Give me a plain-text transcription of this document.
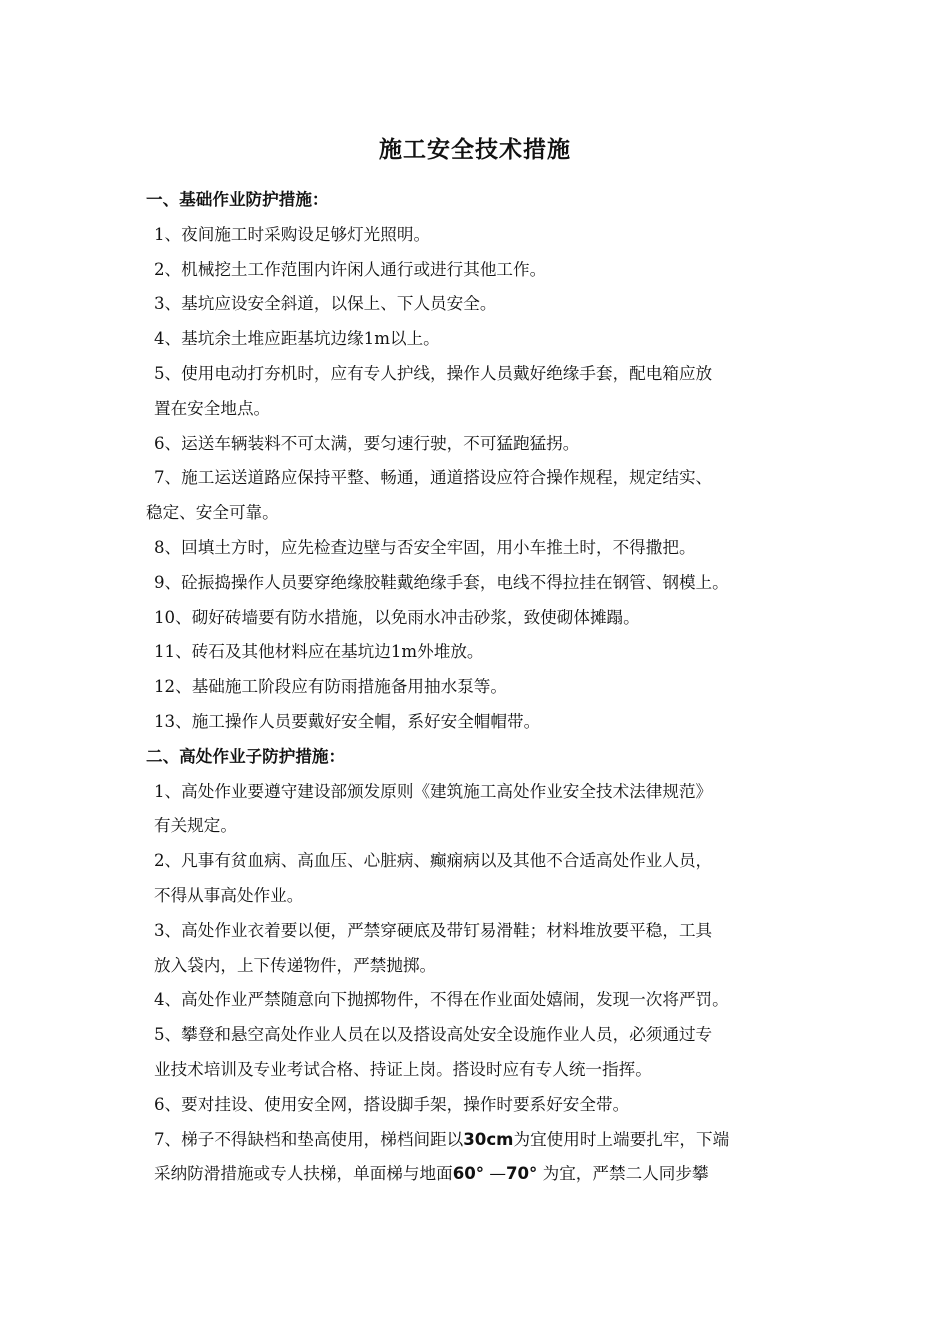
施工安全技术措施
一、基础作业防护措施：
1、夜间施工时采购设足够灯光照明。
2、机械挖土工作范围内许闲人通行或进行其他工作。
3、基坑应设安全斜道，以保上、下人员安全。
4、基坑余土堆应距基坑边缘1m以上。
5、使用电动打夯机时，应有专人护线，操作人员戴好绝缘手套，配电箱应放
置在安全地点。
6、运送车辆装料不可太满，要匀速行驶，不可猛跑猛拐。
7、施工运送道路应保持平整、畅通，通道搭设应符合操作规程，规定结实、
稳定、安全可靠。
8、回填土方时，应先检查边壁与否安全牢固，用小车推土时，不得撒把。
9、砼振捣操作人员要穿绝缘胶鞋戴绝缘手套，电线不得拉挂在钢管、钢模上。
10、砌好砖墙要有防水措施，以免雨水冲击砂浆，致使砌体摊蹋。
11、砖石及其他材料应在基坑边1m外堆放。
12、基础施工阶段应有防雨措施备用抽水泵等。
13、施工操作人员要戴好安全帽，系好安全帽帽带。
二、高处作业子防护措施：
1、高处作业要遵守建设部颁发原则《建筑施工高处作业安全技术法律规范》
有关规定。
2、凡事有贫血病、高血压、心脏病、癫痫病以及其他不合适高处作业人员，
不得从事高处作业。
3、高处作业衣着要以便，严禁穿硬底及带钉易滑鞋；材料堆放要平稳，工具
放入袋内，上下传递物件，严禁抛掷。
4、高处作业严禁随意向下抛掷物件，不得在作业面处嬉闹，发现一次将严罚。
5、攀登和悬空高处作业人员在以及搭设高处安全设施作业人员，必须通过专
业技术培训及专业考试合格、持证上岗。搭设时应有专人统一指挥。
6、要对挂设、使用安全网，搭设脚手架，操作时要系好安全带。
7、梯子不得缺档和垫高使用，梯档间距以30cm为宜使用时上端要扎牢，下端
采纳防滑措施或专人扶梯，单面梯与地面60° —70° 为宜，严禁二人同步攀
